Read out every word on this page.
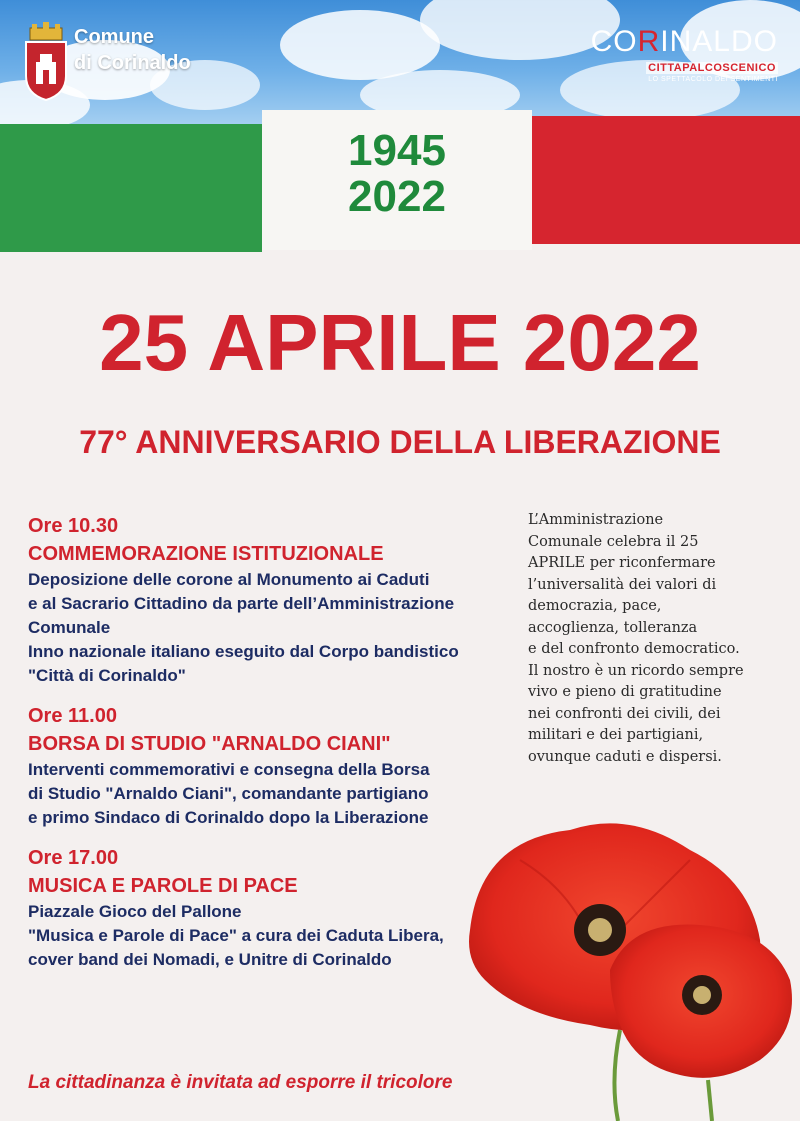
1945
2022
Comune
di Corinaldo
CORINALDO
CITTAPALCOSCENICO
LO SPETTACOLO DEI SENTIMENTI
25 APRILE 2022
77° ANNIVERSARIO DELLA LIBERAZIONE
Ore 10.30
COMMEMORAZIONE ISTITUZIONALE
Deposizione delle corone al Monumento ai Caduti
e al Sacrario Cittadino da parte dell’Amministrazione
Comunale
Inno nazionale italiano eseguito dal Corpo bandistico
"Città di Corinaldo"
Ore 11.00
BORSA DI STUDIO "ARNALDO CIANI"
Interventi commemorativi e consegna della Borsa
di Studio "Arnaldo Ciani", comandante partigiano
e primo Sindaco di Corinaldo dopo la Liberazione
Ore 17.00
MUSICA E PAROLE DI PACE
Piazzale Gioco del Pallone
"Musica e Parole di Pace" a cura dei Caduta Libera,
cover band dei Nomadi, e Unitre di Corinaldo
L’Amministrazione
Comunale celebra il 25
APRILE per riconfermare
l’universalità dei valori di
democrazia, pace,
accoglienza, tolleranza
e del confronto democratico.
Il nostro è un ricordo sempre
vivo e pieno di gratitudine
nei confronti dei civili, dei
militari e dei partigiani,
ovunque caduti e dispersi.
La cittadinanza è invitata ad esporre il tricolore
